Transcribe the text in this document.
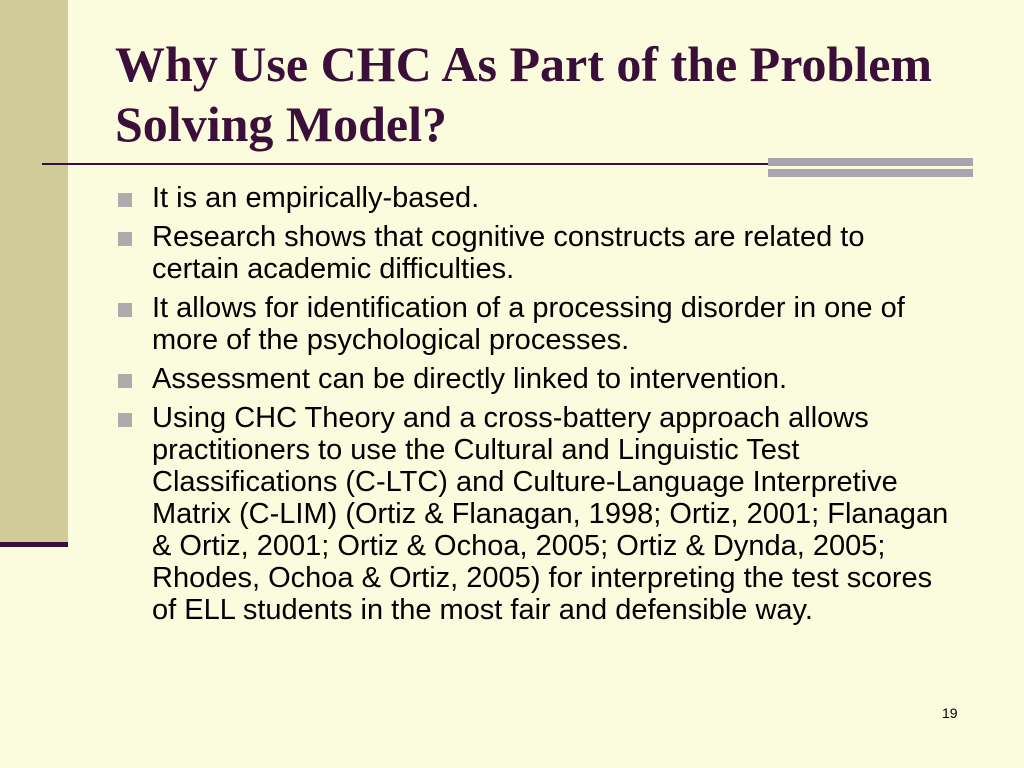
Why Use CHC As Part of the Problem Solving Model?
It is an empirically-based.
Research shows that cognitive constructs are related to certain academic difficulties.
It allows for identification of a processing disorder in one of more of the psychological processes.
Assessment can be directly linked to intervention.
Using CHC Theory and a cross-battery approach allows practitioners to use the Cultural and Linguistic Test Classifications (C-LTC) and Culture-Language Interpretive Matrix (C-LIM) (Ortiz & Flanagan, 1998; Ortiz, 2001; Flanagan & Ortiz, 2001; Ortiz & Ochoa, 2005; Ortiz & Dynda, 2005; Rhodes, Ochoa & Ortiz, 2005) for interpreting the test scores of ELL students in the most fair and defensible way.
19
